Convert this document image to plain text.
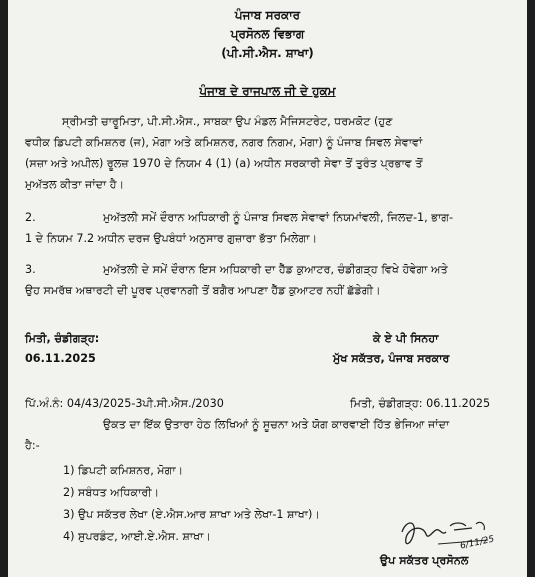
ਪੰਜਾਬ ਸਰਕਾਰ
ਪ੍ਰਸੋਨਲ ਵਿਭਾਗ
(ਪੀ.ਸੀ.ਐਸ. ਸ਼ਾਖਾ)
ਪੰਜਾਬ ਦੇ ਰਾਜਪਾਲ ਜੀ ਦੇ ਹੁਕਮ
ਸ੍ਰੀਮਤੀ ਚਾਰੂਮਿਤਾ, ਪੀ.ਸੀ.ਐਸ., ਸਾਬਕਾ ਉਪ ਮੰਡਲ ਮੈਜਿਸਟਰੇਟ, ਧਰਮਕੋਟ (ਹੁਣ
ਵਧੀਕ ਡਿਪਟੀ ਕਮਿਸ਼ਨਰ (ਜ), ਮੋਗਾ ਅਤੇ ਕਮਿਸ਼ਨਰ, ਨਗਰ ਨਿਗਮ, ਮੋਗਾ) ਨੂੰ ਪੰਜਾਬ ਸਿਵਲ ਸੇਵਾਵਾਂ
(ਸਜ਼ਾ ਅਤੇ ਅਪੀਲ) ਰੂਲਜ਼ 1970 ਦੇ ਨਿਯਮ 4 (1) (a) ਅਧੀਨ ਸਰਕਾਰੀ ਸੇਵਾ ਤੋਂ ਤੁਰੰਤ ਪ੍ਰਭਾਵ ਤੋਂ
ਮੁਅੱਤਲ ਕੀਤਾ ਜਾਂਦਾ ਹੈ।
2.	ਮੁਅੱਤਲੀ ਸਮੇਂ ਦੌਰਾਨ ਅਧਿਕਾਰੀ ਨੂੰ ਪੰਜਾਬ ਸਿਵਲ ਸੇਵਾਵਾਂ ਨਿਯਮਾਂਵਲੀ, ਜਿਲਦ-1, ਭਾਗ-
1 ਦੇ ਨਿਯਮ 7.2 ਅਧੀਨ ਦਰਜ ਉਪਬੰਧਾਂ ਅਨੁਸਾਰ ਗੁਜ਼ਾਰਾ ਭੱਤਾ ਮਿਲੇਗਾ।
3.	ਮੁਅੱਤਲੀ ਦੇ ਸਮੇਂ ਦੌਰਾਨ ਇਸ ਅਧਿਕਾਰੀ ਦਾ ਹੈੱਡ ਕੁਆਟਰ, ਚੰਡੀਗੜ੍ਹ ਵਿਖੇ ਹੋਵੇਗਾ ਅਤੇ
ਉਹ ਸਮਰੱਥ ਅਥਾਰਟੀ ਦੀ ਪੂਰਵ ਪ੍ਰਵਾਨਗੀ ਤੋਂ ਬਗੈਰ ਆਪਣਾ ਹੈੱਡ ਕੁਆਟਰ ਨਹੀਂ ਛੱਡੇਗੀ।
ਮਿਤੀ, ਚੰਡੀਗੜ੍ਹ:
06.11.2025
ਕੇ ਏ ਪੀ ਸਿਨਹਾ
ਮੁੱਖ ਸਕੱਤਰ, ਪੰਜਾਬ ਸਰਕਾਰ
ਪਿੱ.ਅੰ.ਨੰ: 04/43/2025-3ਪੀ.ਸੀ.ਐਸ./2030	ਮਿਤੀ, ਚੰਡੀਗੜ੍ਹ: 06.11.2025
ਉਕਤ ਦਾ ਇੱਕ ਉਤਾਰਾ ਹੇਠ ਲਿਖਿਆਂ ਨੂੰ ਸੂਚਨਾ ਅਤੇ ਯੋਗ ਕਾਰਵਾਈ ਹਿੱਤ ਭੇਜਿਆ ਜਾਂਦਾ
ਹੈ:-
1) ਡਿਪਟੀ ਕਮਿਸ਼ਨਰ, ਮੋਗਾ।
2) ਸਬੰਧਤ ਅਧਿਕਾਰੀ।
3) ਉਪ ਸਕੱਤਰ ਲੇਖਾ (ਏ.ਐਸ.ਆਰ ਸ਼ਾਖਾ ਅਤੇ ਲੇਖਾ-1 ਸ਼ਾਖਾ)।
4) ਸੁਪਰਡੰਟ, ਆਈ.ਏ.ਐਸ. ਸ਼ਾਖਾ।	6/11/25
ਉਪ ਸਕੱਤਰ ਪ੍ਰਸੋਨਲ
